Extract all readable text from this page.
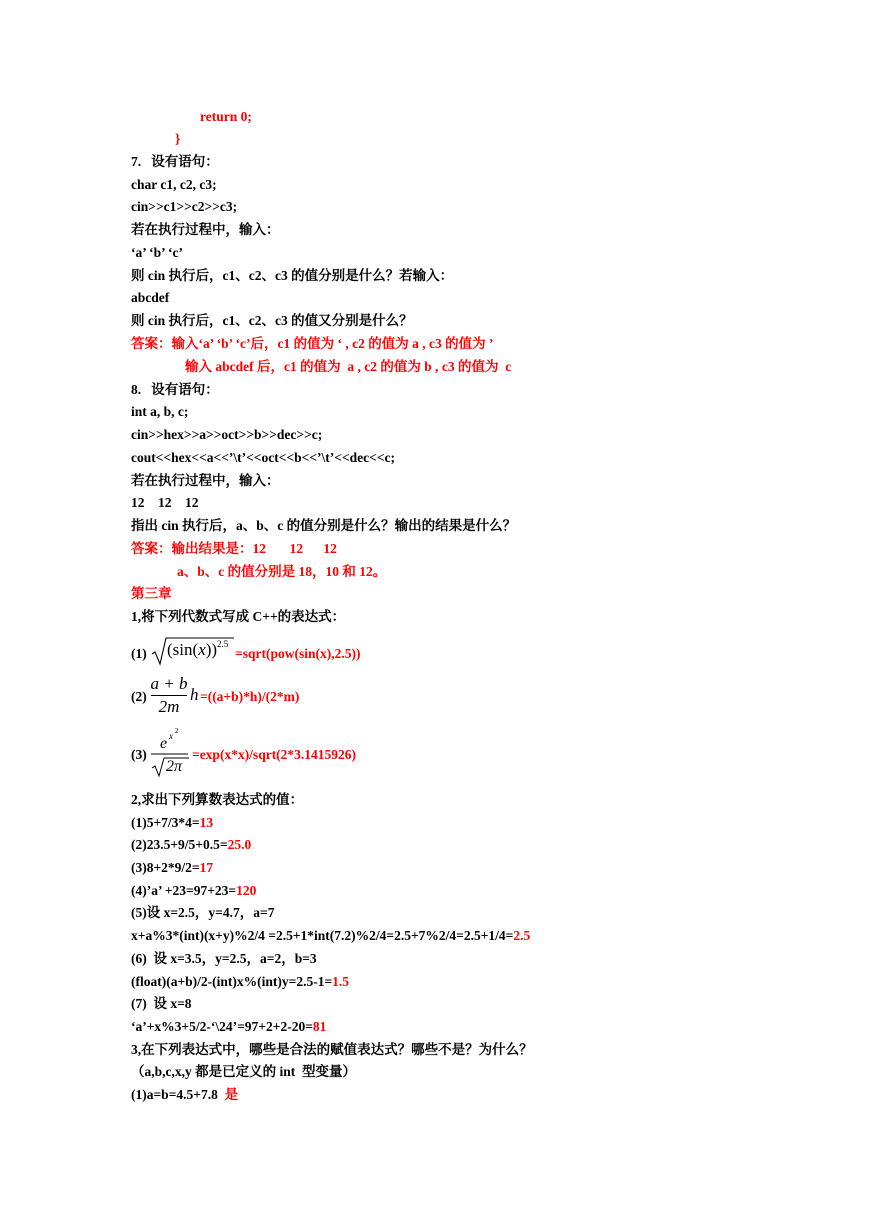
return 0;
}
7.   设有语句：
char c1, c2, c3;
cin>>c1>>c2>>c3;
若在执行过程中，输入：
‘a’ ‘b’ ‘c’
则 cin 执行后，c1、c2、c3 的值分别是什么？若输入：
abcdef
则 cin 执行后，c1、c2、c3 的值又分别是什么？
答案：输入‘a’ ‘b’ ‘c’后，c1 的值为 ‘ , c2 的值为 a , c3 的值为 ’
输入 abcdef 后，c1 的值为  a , c2 的值为 b , c3 的值为  c
8.   设有语句：
int a, b, c;
cin>>hex>>a>>oct>>b>>dec>>c;
cout<<hex<<a<<’\t’<<oct<<b<<’\t’<<dec<<c;
若在执行过程中，输入：
12    12    12
指出 cin 执行后，a、b、c 的值分别是什么？输出的结果是什么？
答案：输出结果是：12       12      12
a、b、c 的值分别是 18，10 和 12。
第三章
1,将下列代数式写成 C++的表达式：
(1) (sin(x)) 2.5
=sqrt(pow(sin(x),2.5))
(2)
a + b
2m
h =((a+b)*h)/(2*m)
(3)
e x 2
2π
=exp(x*x)/sqrt(2*3.1415926)
2,求出下列算数表达式的值：
(1)5+7/3*4=13
(2)23.5+9/5+0.5=25.0
(3)8+2*9/2=17
(4)’a’ +23=97+23=120
(5)设 x=2.5，y=4.7，a=7
x+a%3*(int)(x+y)%2/4 =2.5+1*int(7.2)%2/4=2.5+7%2/4=2.5+1/4=2.5
(6)  设 x=3.5，y=2.5，a=2，b=3
(float)(a+b)/2-(int)x%(int)y=2.5-1=1.5
(7)  设 x=8
‘a’+x%3+5/2-‘\24’=97+2+2-20=81
3,在下列表达式中，哪些是合法的赋值表达式？哪些不是？为什么？
（a,b,c,x,y 都是已定义的 int  型变量）
(1)a=b=4.5+7.8  是
